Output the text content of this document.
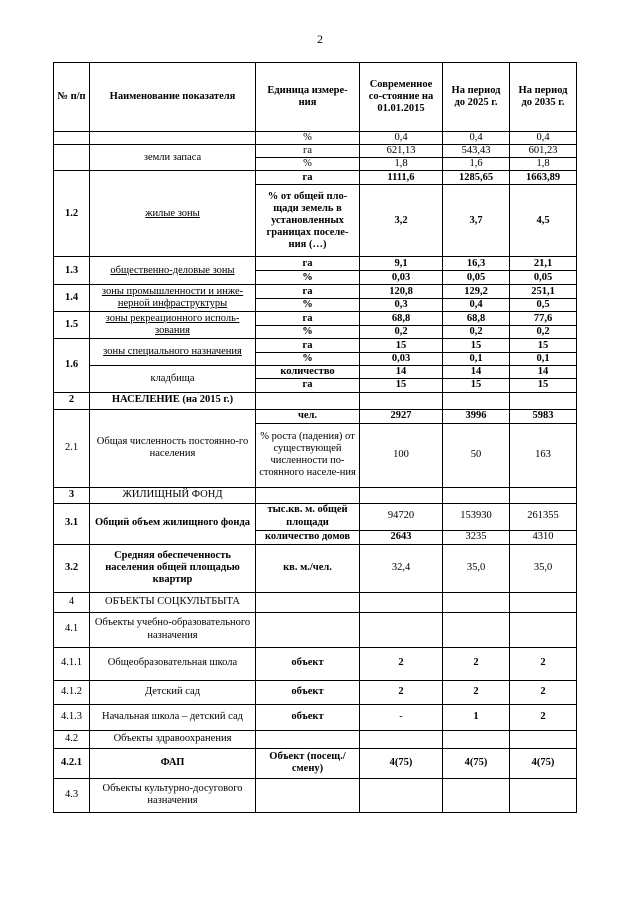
2
№ п/п	Наименование показателя	Единица измере-ния	Современное со-стояние на 01.01.2015	На период до 2025 г.	На период до 2035 г.
		%	0,4	0,4	0,4
	земли запаса	га	621,13	543,43	601,23
		%	1,8	1,6	1,8
1.2	жилые зоны	га	1111,6	1285,65	1663,89
		% от общей пло-щади земель в установленных границах поселе-ния (…)	3,2	3,7	4,5
1.3	общественно-деловые зоны	га	9,1	16,3	21,1
		%	0,03	0,05	0,05
1.4	зоны промышленности и инже-нерной инфраструктуры	га	120,8	129,2	251,1
		%	0,3	0,4	0,5
1.5	зоны рекреационного исполь-зования	га	68,8	68,8	77,6
		%	0,2	0,2	0,2
1.6	зоны специального назначения	га	15	15	15
		%	0,03	0,1	0,1
	кладбища	количество	14	14	14
		га	15	15	15
2	НАСЕЛЕНИЕ (на 2015 г.)				
2.1	Общая численность постоянно-го населения	чел.	2927	3996	5983
		% роста (падения) от существующей численности по-стоянного населе-ния	100	50	163
3	ЖИЛИЩНЫЙ ФОНД				
3.1	Общий объем жилищного фонда	тыс.кв. м. общей площади	94720	153930	261355
		количество домов	2643	3235	4310
3.2	Средняя обеспеченность населения общей площадью квартир	кв. м./чел.	32,4	35,0	35,0
4	ОБЪЕКТЫ СОЦКУЛЬТБЫТА				
4.1	Объекты учебно-образовательного назначения				
4.1.1	Общеобразовательная школа	объект	2	2	2
4.1.2	Детский сад	объект	2	2	2
4.1.3	Начальная школа – детский сад	объект	-	1	2
4.2	Объекты здравоохранения				
4.2.1	ФАП	Объект (посещ./смену)	4(75)	4(75)	4(75)
4.3	Объекты культурно-досугового назначения				
